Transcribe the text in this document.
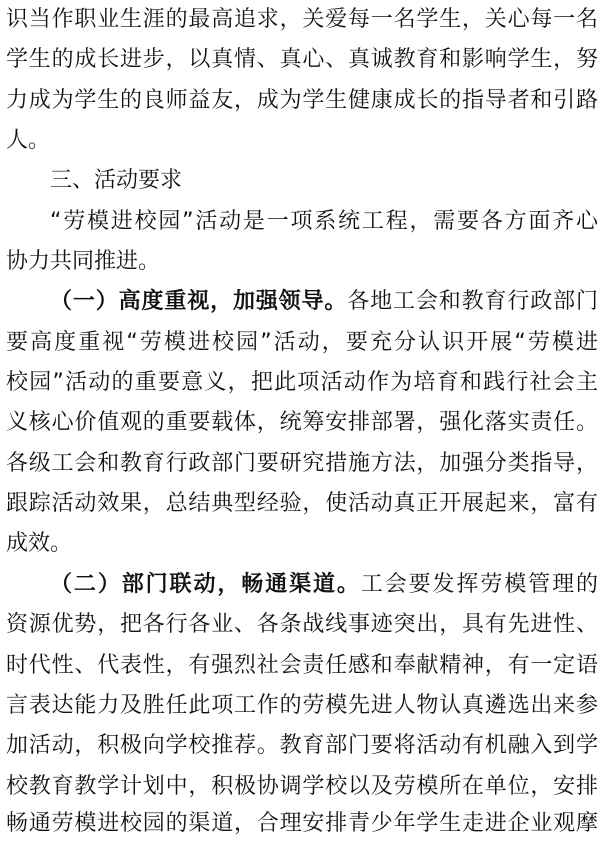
识当作职业生涯的最高追求，关爱每一名学生，关心每一名
学生的成长进步，以真情、真心、真诚教育和影响学生，努
力成为学生的良师益友，成为学生健康成长的指导者和引路
人。
三、活动要求
“劳模进校园”活动是一项系统工程，需要各方面齐心
协力共同推进。
（一）高度重视，加强领导。各地工会和教育行政部门
要高度重视“劳模进校园”活动，要充分认识开展“劳模进
校园”活动的重要意义，把此项活动作为培育和践行社会主
义核心价值观的重要载体，统筹安排部署，强化落实责任。
各级工会和教育行政部门要研究措施方法，加强分类指导，
跟踪活动效果，总结典型经验，使活动真正开展起来，富有
成效。
（二）部门联动，畅通渠道。工会要发挥劳模管理的
资源优势，把各行各业、各条战线事迹突出，具有先进性、
时代性、代表性，有强烈社会责任感和奉献精神，有一定语
言表达能力及胜任此项工作的劳模先进人物认真遴选出来参
加活动，积极向学校推荐。教育部门要将活动有机融入到学
校教育教学计划中，积极协调学校以及劳模所在单位，安排
畅通劳模进校园的渠道，合理安排青少年学生走进企业观摩
